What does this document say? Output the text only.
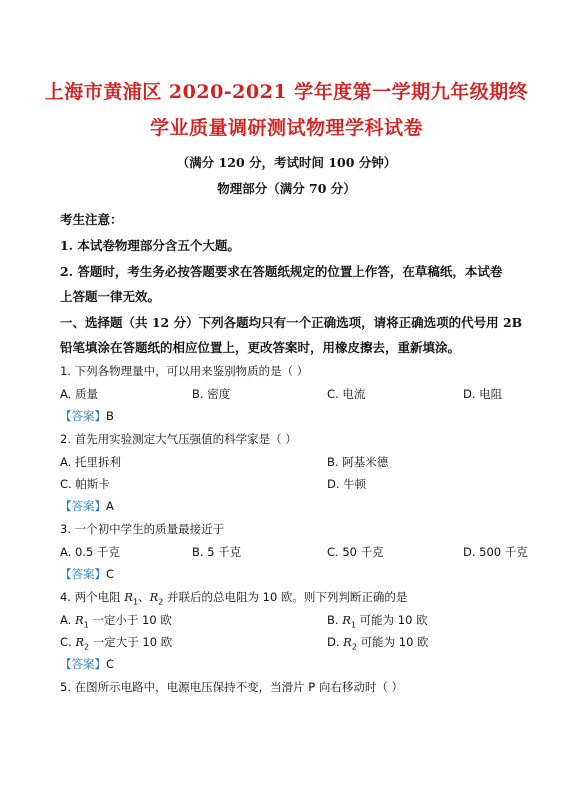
上海市黄浦区 2020-2021 学年度第一学期九年级期终
学业质量调研测试物理学科试卷
（满分 120 分，考试时间 100 分钟）
物理部分（满分 70 分）
考生注意：
1. 本试卷物理部分含五个大题。
2. 答题时，考生务必按答题要求在答题纸规定的位置上作答，在草稿纸，本试卷
上答题一律无效。
一、选择题（共 12 分）下列各题均只有一个正确选项，请将正确选项的代号用 2B
铅笔填涂在答题纸的相应位置上，更改答案时，用橡皮擦去，重新填涂。
1. 下列各物理量中，可以用来鉴别物质的是（ ）
A. 质量	B. 密度	C. 电流	D. 电阻
【答案】B
2. 首先用实验测定大气压强值的科学家是（ ）
A. 托里拆利	B. 阿基米德
C. 帕斯卡	D. 牛顿
【答案】A
3. 一个初中学生的质量最接近于
A. 0.5 千克	B. 5 千克	C. 50 千克	D. 500 千克
【答案】C
4. 两个电阻 $R_1$、$R_2$ 并联后的总电阻为 10 欧。则下列判断正确的是
A. $R_1$ 一定小于 10 欧	B. $R_1$ 可能为 10 欧
C. $R_2$ 一定大于 10 欧	D. $R_2$ 可能为 10 欧
【答案】C
5. 在图所示电路中，电源电压保持不变，当滑片 P 向右移动时（ ）
